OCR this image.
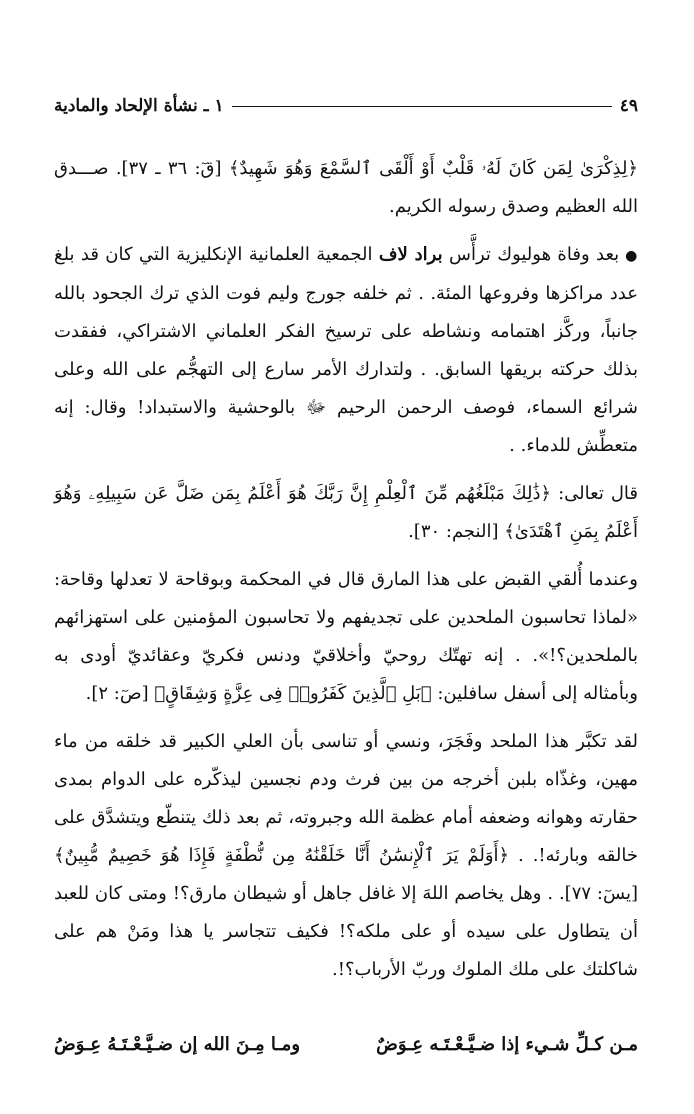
١ ـ نشأة الإلحاد والمادية	٤٩

﴿لِذِكْرَىٰ لِمَن كَانَ لَهُۥ قَلْبٌ أَوْ أَلْقَى ٱلسَّمْعَ وَهُوَ شَهِيدٌ﴾ [قٓ: ٣٦ ـ ٣٧]. صـــدق الله العظيم وصدق رسوله الكريم.

●بعد وفاة هوليوك ترأَّس براد لاف الجمعية العلمانية الإنكليزية التي كان قد بلغ عدد مراكزها وفروعها المئة. . ثم خلفه جورج وليم فوت الذي ترك الجحود بالله جانباً، وركَّز اهتمامه ونشاطه على ترسيخ الفكر العلماني الاشتراكي، ففقدت بذلك حركته بريقها السابق. . ولتدارك الأمر سارع إلى التهجُّم على الله وعلى شرائع السماء، فوصف الرحمن الرحيم ﷻ بالوحشية والاستبداد! وقال: إنه متعطِّش للدماء. .

قال تعالى: ﴿ذَٰلِكَ مَبْلَغُهُم مِّنَ ٱلْعِلْمِ إِنَّ رَبَّكَ هُوَ أَعْلَمُ بِمَن ضَلَّ عَن سَبِيلِهِۦ وَهُوَ أَعْلَمُ بِمَنِ ٱهْتَدَىٰ﴾ [النجم: ٣٠].

وعندما أُلقي القبض على هذا المارق قال في المحكمة وبوقاحة لا تعدلها وقاحة: «لماذا تحاسبون الملحدين على تجديفهم ولا تحاسبون المؤمنين على استهزائهم بالملحدين؟!». . إنه تهتّك روحيّ وأخلاقيّ ودنس فكريّ وعقائديّ أودى به وبأمثاله إلى أسفل سافلين: ﴿بَلِ ٱلَّذِينَ كَفَرُوا۟ فِى عِزَّةٍ وَشِقَاقٍ﴾ [صٓ: ٢].

لقد تكبَّر هذا الملحد وفَجَرَ، ونسي أو تناسى بأن العلي الكبير قد خلقه من ماء مهين، وغذّاه بلبن أخرجه من بين فرث ودم نجسين ليذكّره على الدوام بمدى حقارته وهوانه وضعفه أمام عظمة الله وجبروته، ثم بعد ذلك يتنطّع ويتشدَّق على خالقه وبارئه!. . ﴿أَوَلَمْ يَرَ ٱلْإِنسَٰنُ أَنَّا خَلَقْنَٰهُ مِن نُّطْفَةٍ فَإِذَا هُوَ خَصِيمٌ مُّبِينٌ﴾ [يسٓ: ٧٧]. . وهل يخاصم اللهَ إلا غافل جاهل أو شيطان مارق؟! ومتى كان للعبد أن يتطاول على سيده أو على ملكه؟! فكيف تتجاسر يا هذا ومَنْ هم على شاكلتك على ملك الملوك وربّ الأرباب؟!.

مـن كـلِّ شـيء إذا ضـيَّـعْـتَـه عِـوَضٌ
ومـا مِـنَ الله إن ضـيَّـعْـتَـهُ عِـوَضُ
